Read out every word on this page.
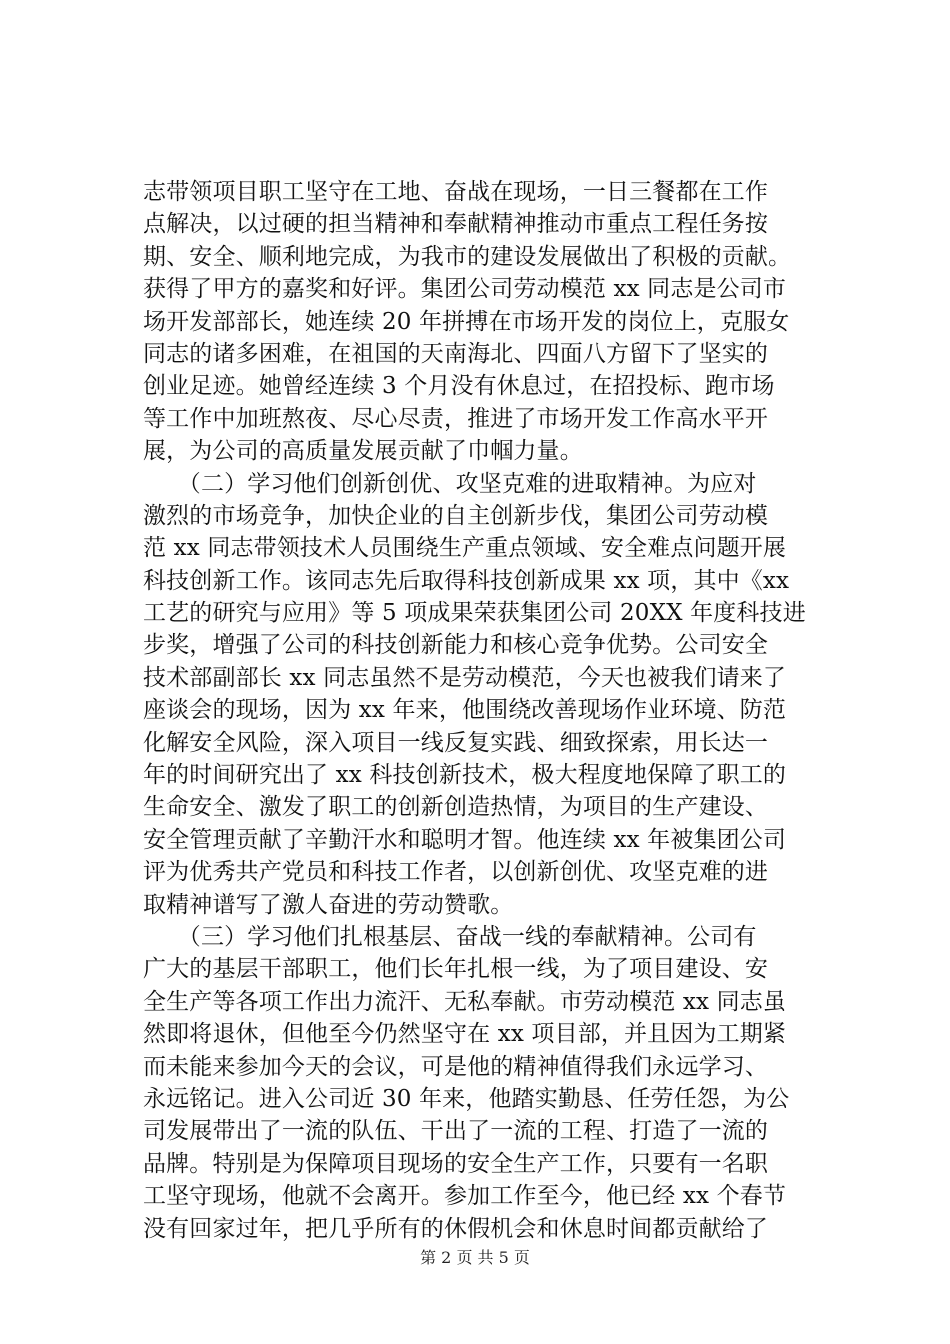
志带领项目职工坚守在工地、奋战在现场，一日三餐都在工作
点解决，以过硬的担当精神和奉献精神推动市重点工程任务按
期、安全、顺利地完成，为我市的建设发展做出了积极的贡献。
获得了甲方的嘉奖和好评。集团公司劳动模范 xx 同志是公司市
场开发部部长，她连续 20 年拼搏在市场开发的岗位上，克服女
同志的诸多困难，在祖国的天南海北、四面八方留下了坚实的
创业足迹。她曾经连续 3 个月没有休息过，在招投标、跑市场
等工作中加班熬夜、尽心尽责，推进了市场开发工作高水平开
展，为公司的高质量发展贡献了巾帼力量。

　　（二）学习他们创新创优、攻坚克难的进取精神。为应对
激烈的市场竞争，加快企业的自主创新步伐，集团公司劳动模
范 xx 同志带领技术人员围绕生产重点领域、安全难点问题开展
科技创新工作。该同志先后取得科技创新成果 xx 项，其中《xx
工艺的研究与应用》等 5 项成果荣获集团公司 20XX 年度科技进
步奖，增强了公司的科技创新能力和核心竞争优势。公司安全
技术部副部长 xx 同志虽然不是劳动模范，今天也被我们请来了
座谈会的现场，因为 xx 年来，他围绕改善现场作业环境、防范
化解安全风险，深入项目一线反复实践、细致探索，用长达一
年的时间研究出了 xx 科技创新技术，极大程度地保障了职工的
生命安全、激发了职工的创新创造热情，为项目的生产建设、
安全管理贡献了辛勤汗水和聪明才智。他连续 xx 年被集团公司
评为优秀共产党员和科技工作者，以创新创优、攻坚克难的进
取精神谱写了激人奋进的劳动赞歌。

　　（三）学习他们扎根基层、奋战一线的奉献精神。公司有
广大的基层干部职工，他们长年扎根一线，为了项目建设、安
全生产等各项工作出力流汗、无私奉献。市劳动模范 xx 同志虽
然即将退休，但他至今仍然坚守在 xx 项目部，并且因为工期紧
而未能来参加今天的会议，可是他的精神值得我们永远学习、
永远铭记。进入公司近 30 年来，他踏实勤恳、任劳任怨，为公
司发展带出了一流的队伍、干出了一流的工程、打造了一流的
品牌。特别是为保障项目现场的安全生产工作，只要有一名职
工坚守现场，他就不会离开。参加工作至今，他已经 xx 个春节
没有回家过年，把几乎所有的休假机会和休息时间都贡献给了

第 2 页 共 5 页
